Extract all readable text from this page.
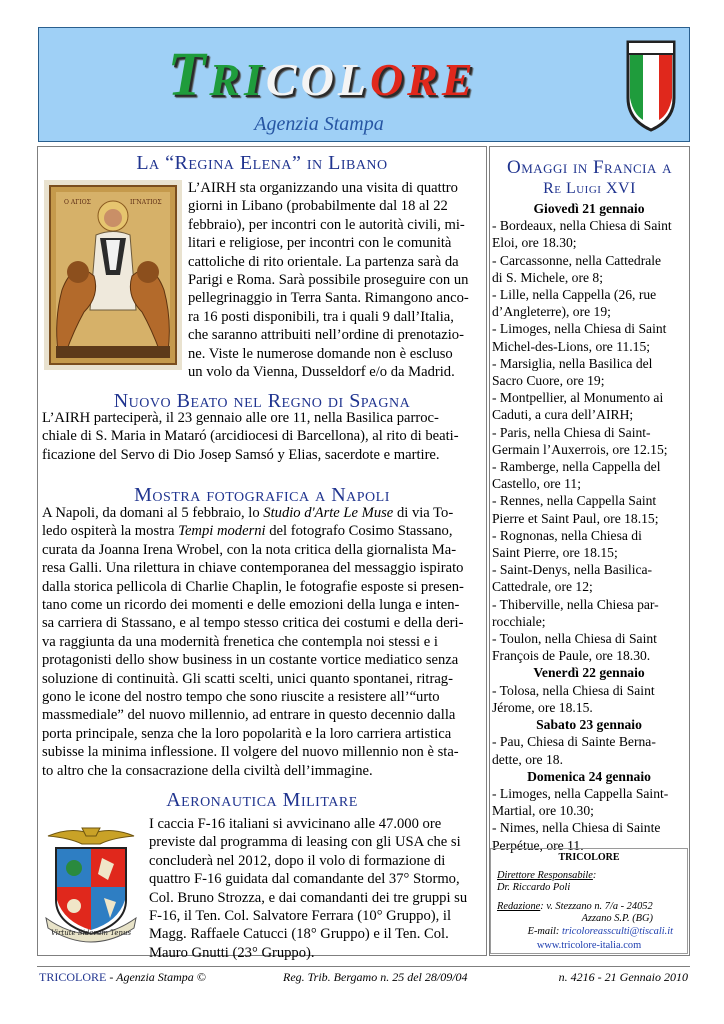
TRICOLORE
Agenzia Stampa
La “Regina Elena” in Libano
Ο ΑΓΙΟΣ	ΙΓΝΑΤΙΟΣ
L’AIRH sta organizzando una visita di quattro
giorni in Libano (probabilmente dal 18 al 22
febbraio), per incontri con le autorità civili, mi-
litari e religiose, per incontri con le comunità
cattoliche di rito orientale. La partenza sarà da
Parigi e Roma. Sarà possibile proseguire con un
pellegrinaggio in Terra Santa. Rimangono anco-
ra 16 posti disponibili, tra i quali 9 dall’Italia,
che saranno attribuiti nell’ordine di prenotazio-
ne. Viste le numerose domande non è escluso
un volo da Vienna, Dusseldorf e/o da Madrid.
Nuovo Beato nel Regno di Spagna
L’AIRH parteciperà, il 23 gennaio alle ore 11, nella Basilica parroc-
chiale di S. Maria in Mataró (arcidiocesi di Barcellona), al rito di beati-
ficazione del Servo di Dio Josep Samsó y Elias, sacerdote e martire.
Mostra fotografica a Napoli
A Napoli, da domani al 5 febbraio, lo Studio d'Arte Le Muse di via To-
ledo ospiterà la mostra Tempi moderni del fotografo Cosimo Stassano,
curata da Joanna Irena Wrobel, con la nota critica della giornalista Ma-
resa Galli. Una rilettura in chiave contemporanea del messaggio ispirato
dalla storica pellicola di Charlie Chaplin, le fotografie esposte si presen-
tano come un ricordo dei momenti e delle emozioni della lunga e inten-
sa carriera di Stassano, e al tempo stesso critica dei costumi e della deri-
va raggiunta da una modernità frenetica che contempla noi stessi e i
protagonisti dello show business in un costante vortice mediatico senza
soluzione di continuità. Gli scatti scelti, unici quanto spontanei, ritrag-
gono le icone del nostro tempo che sono riuscite a resistere all’“urto
massmediale” del nuovo millennio, ad entrare in questo decennio dalla
porta principale, senza che la loro popolarità e la loro carriera artistica
subisse la minima inflessione. Il volgere del nuovo millennio non è sta-
to altro che la consacrazione della civiltà dell’immagine.
Aeronautica Militare
Virtute Siderum Tenus
I caccia F-16 italiani si avvicinano alle 47.000 ore
previste dal programma di leasing con gli USA che si
concluderà nel 2012, dopo il volo di formazione di
quattro F-16 guidata dal comandante del 37° Stormo,
Col. Bruno Strozza, e dai comandanti dei tre gruppi su
F-16, il Ten. Col. Salvatore Ferrara (10° Gruppo), il
Magg. Raffaele Catucci (18° Gruppo) e il Ten. Col.
Mauro Gnutti (23° Gruppo).
Omaggi in Francia a
Re Luigi XVI
Giovedì 21 gennaio
- Bordeaux, nella Chiesa di Saint
Eloi, ore 18.30;
- Carcassonne, nella Cattedrale
di S. Michele, ore 8;
- Lille, nella Cappella (26, rue
d’Angleterre), ore 19;
- Limoges, nella Chiesa di Saint
Michel-des-Lions, ore 11.15;
- Marsiglia, nella Basilica del
Sacro Cuore, ore 19;
- Montpellier, al Monumento ai
Caduti, a cura dell’AIRH;
- Paris, nella Chiesa di Saint-
Germain l’Auxerrois, ore 12.15;
- Ramberge, nella Cappella del
Castello, ore 11;
- Rennes, nella Cappella Saint
Pierre et Saint Paul, ore 18.15;
- Rognonas, nella Chiesa di
Saint Pierre, ore 18.15;
- Saint-Denys, nella Basilica-
Cattedrale, ore 12;
- Thiberville, nella Chiesa par-
rocchiale;
- Toulon, nella Chiesa di Saint
François de Paule, ore 18.30.
Venerdì 22 gennaio
- Tolosa, nella Chiesa di Saint
Jérome, ore 18.15.
Sabato 23 gennaio
- Pau, Chiesa di Sainte Berna-
dette, ore 18.
Domenica 24 gennaio
- Limoges, nella Cappella Saint-
Martial, ore 10.30;
- Nimes, nella Chiesa di Sainte
Perpétue, ore 11.
TRICOLORE
Direttore Responsabile:
Dr. Riccardo Poli
Redazione: v. Stezzano n. 7/a - 24052
Azzano S.P. (BG)
E-mail: tricoloreassculti@tiscali.it
www.tricolore-italia.com
TRICOLORE - Agenzia Stampa ©	Reg. Trib. Bergamo n. 25 del 28/09/04	n. 4216 - 21 Gennaio 2010
